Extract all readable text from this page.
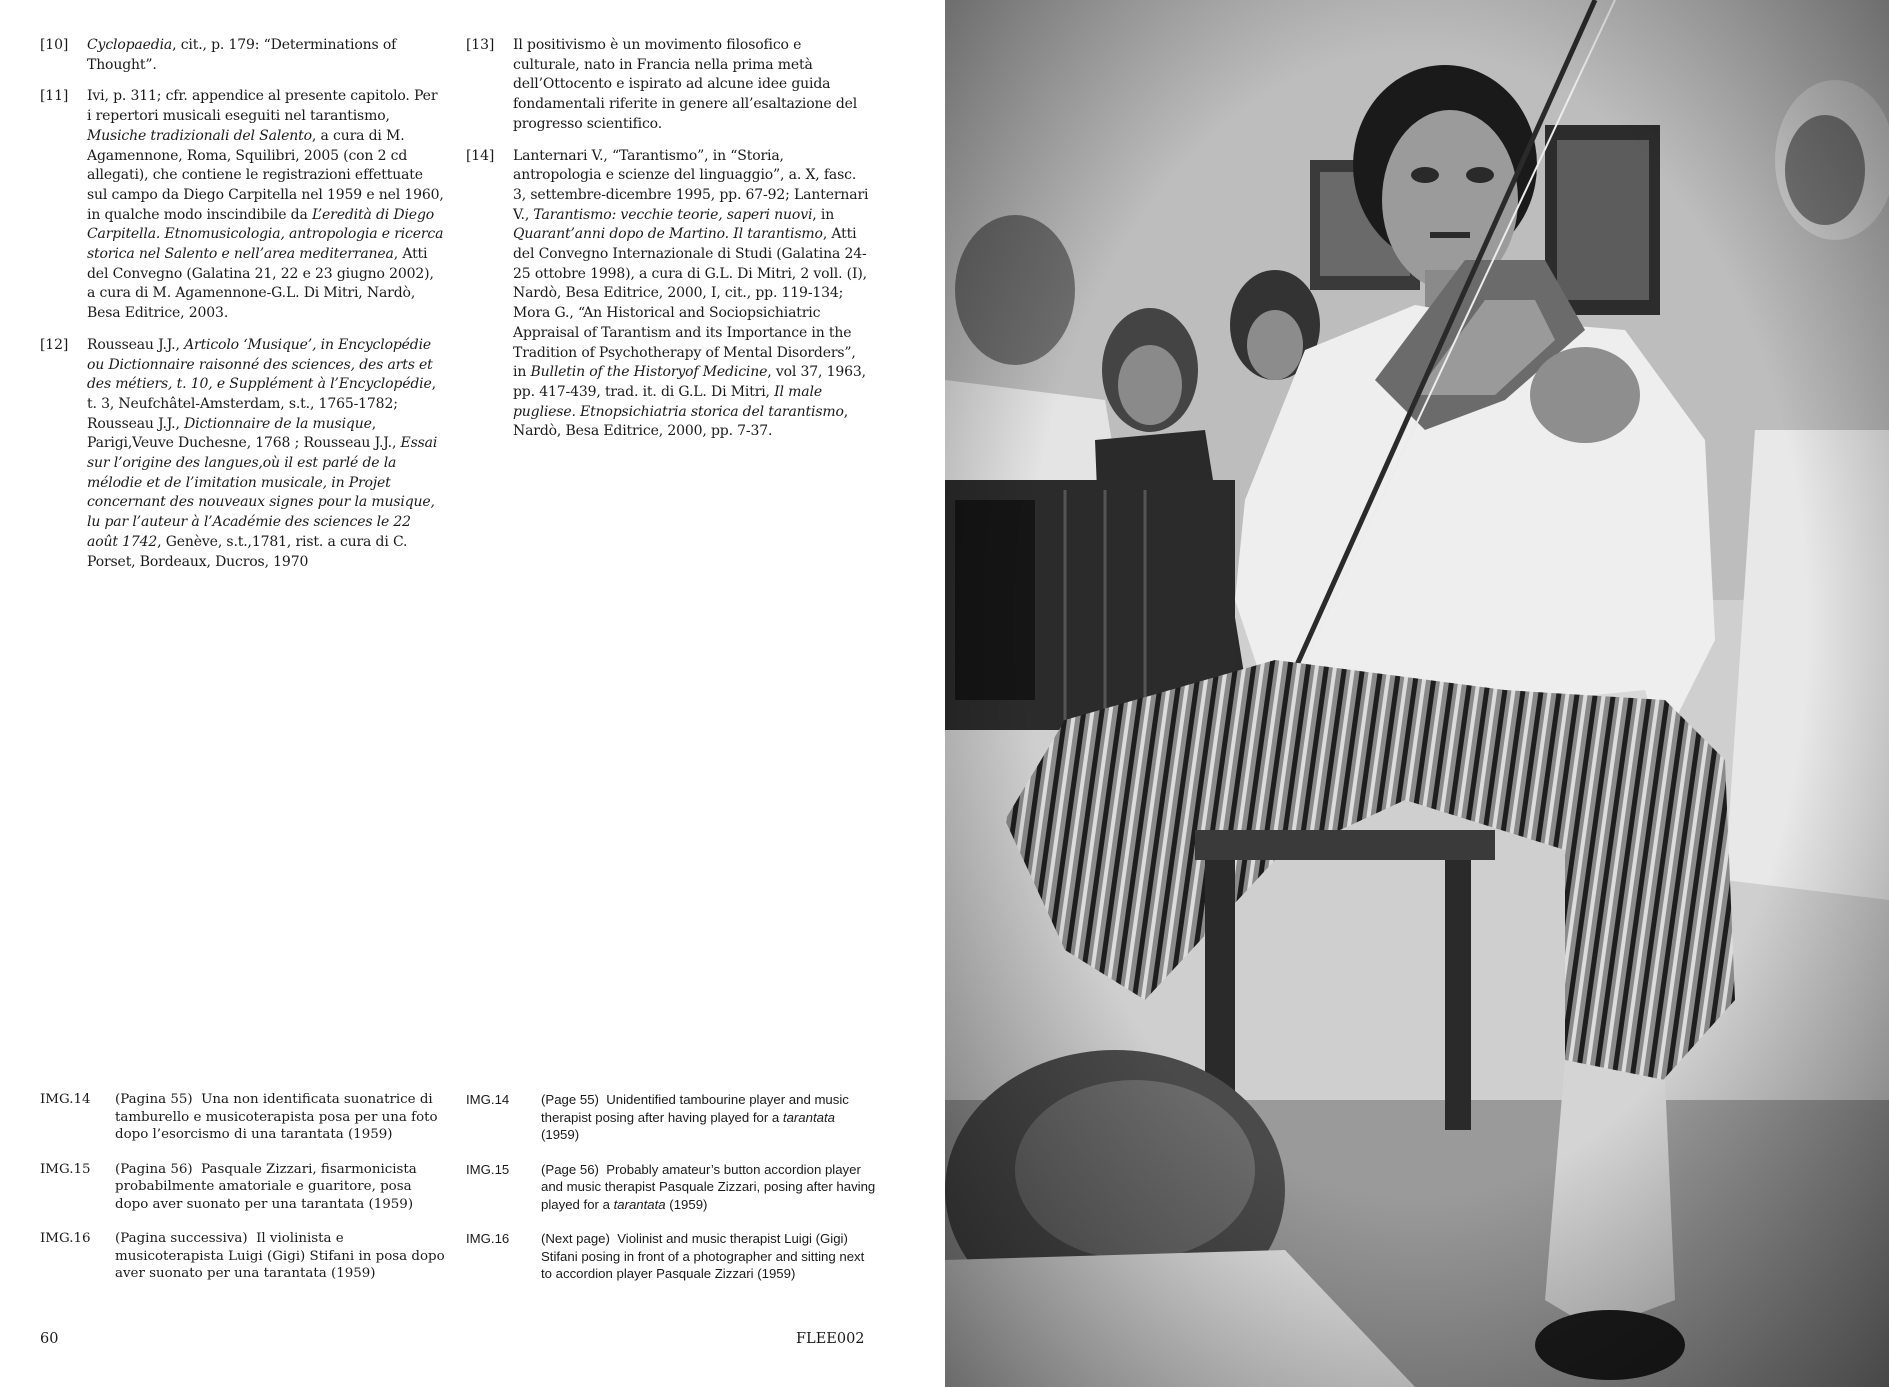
[10]	Cyclopaedia, cit., p. 179: “Determinations of Thought”.
[11]	Ivi, p. 311; cfr. appendice al presente capitolo. Per i repertori musicali eseguiti nel tarantismo, Musiche tradizionali del Salento, a cura di M. Agamennone, Roma, Squilibri, 2005 (con 2 cd allegati), che contiene le registrazioni effettuate sul campo da Diego Carpitella nel 1959 e nel 1960, in qualche modo inscindibile da L’eredità di Diego Carpitella. Etnomusicologia, antropologia e ricerca storica nel Salento e nell’area mediterranea, Atti del Convegno (Galatina 21, 22 e 23 giugno 2002), a cura di M. Agamennone-G.L. Di Mitri, Nardò, Besa Editrice, 2003.
[12]	Rousseau J.J., Articolo ‘Musique’, in Encyclopédie ou Dictionnaire raisonné des sciences, des arts et des métiers, t. 10, e Supplément à l’Encyclopédie, t. 3, Neufchâtel-Amsterdam, s.t., 1765-1782; Rousseau J.J., Dictionnaire de la musique, Parigi,Veuve Duchesne, 1768 ; Rousseau J.J., Essai sur l’origine des langues,où il est parlé de la mélodie et de l’imitation musicale, in Projet concernant des nouveaux signes pour la musique, lu par l’auteur à l’Académie des sciences le 22 août 1742, Genève, s.t.,1781, rist. a cura di C. Porset, Bordeaux, Ducros, 1970
[13]	Il positivismo è un movimento filosofico e culturale, nato in Francia nella prima metà dell’Ottocento e ispirato ad alcune idee guida fondamentali riferite in genere all’esaltazione del progresso scientifico.
[14]	Lanternari V., “Tarantismo”, in “Storia, antropologia e scienze del linguaggio”, a. X, fasc. 3, settembre-dicembre 1995, pp. 67-92; Lanternari V., Tarantismo: vecchie teorie, saperi nuovi, in Quarant’anni dopo de Martino. Il tarantismo, Atti del Convegno Internazionale di Studi (Galatina 24-25 ottobre 1998), a cura di G.L. Di Mitri, 2 voll. (I), Nardò, Besa Editrice, 2000, I, cit., pp. 119-134; Mora G., “An Historical and Sociopsichiatric Appraisal of Tarantism and its Importance in the Tradition of Psychotherapy of Mental Disorders”, in Bulletin of the Historyof Medicine, vol 37, 1963, pp. 417-439, trad. it. di G.L. Di Mitri, Il male pugliese. Etnopsichiatria storica del tarantismo, Nardò, Besa Editrice, 2000, pp. 7-37.
IMG.14	(Pagina 55)  Una non identificata suonatrice di tamburello e musicoterapista posa per una foto dopo l’esorcismo di una tarantata (1959)
IMG.15	(Pagina 56)  Pasquale Zizzari, fisarmonicista probabilmente amatoriale e guaritore, posa dopo aver suonato per una tarantata (1959)
IMG.16	(Pagina successiva)  Il violinista e musicoterapista Luigi (Gigi) Stifani in posa dopo aver suonato per una tarantata (1959)
IMG.14	(Page 55)  Unidentified tambourine player and music therapist posing after having played for a tarantata (1959)
IMG.15	(Page 56)  Probably amateur’s button accordion player and music therapist Pasquale Zizzari, posing after having played for a tarantata (1959)
IMG.16	(Next page)  Violinist and music therapist Luigi (Gigi) Stifani posing in front of a photographer and sitting next to accordion player Pasquale Zizzari (1959)
60	FLEE002
